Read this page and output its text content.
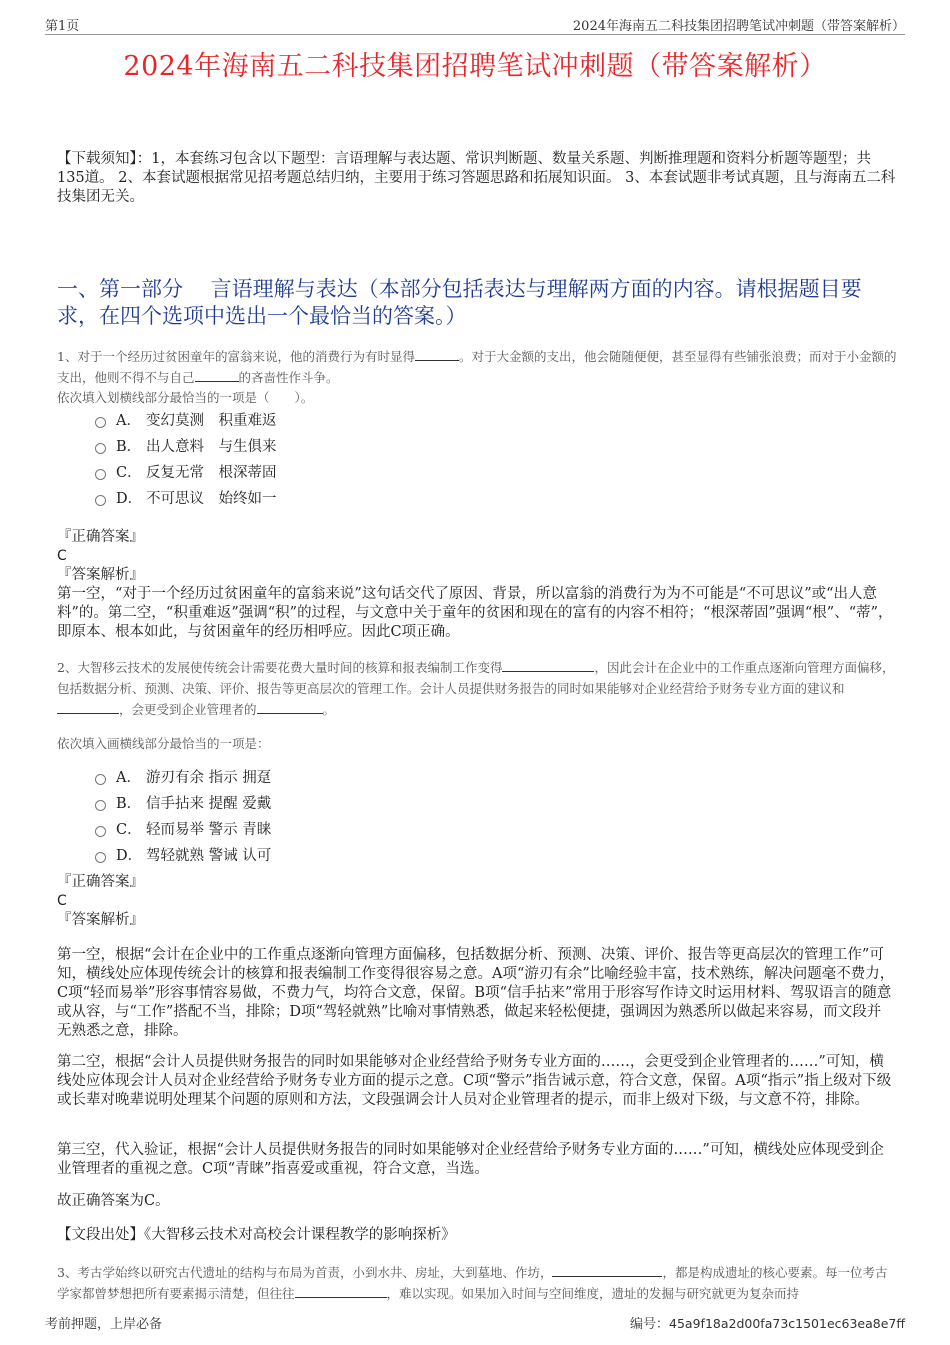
第1页	2024年海南五二科技集团招聘笔试冲刺题（带答案解析）
2024年海南五二科技集团招聘笔试冲刺题（带答案解析）
【下载须知】：1，本套练习包含以下题型：言语理解与表达题、常识判断题、数量关系题、判断推理题和资料分析题等题型；共135道。 2、本套试题根据常见招考题总结归纳，主要用于练习答题思路和拓展知识面。 3、本套试题非考试真题，且与海南五二科技集团无关。
一、第一部分　 言语理解与表达（本部分包括表达与理解两方面的内容。请根据题目要求，在四个选项中选出一个最恰当的答案。）
1、对于一个经历过贫困童年的富翁来说，他的消费行为有时显得	。对于大金额的支出，他会随随便便，甚至显得有些铺张浪费；而对于小金额的支出，他则不得不与自己	的吝啬性作斗争。
依次填入划横线部分最恰当的一项是（　　）。
A． 变幻莫测　积重难返
B． 出人意料　与生俱来
C． 反复无常　根深蒂固
D． 不可思议　始终如一
『正确答案』
C
『答案解析』
第一空，“对于一个经历过贫困童年的富翁来说”这句话交代了原因、背景，所以富翁的消费行为为不可能是“不可思议”或“出人意料”的。第二空，“积重难返”强调“积”的过程，与文意中关于童年的贫困和现在的富有的内容不相符；“根深蒂固”强调“根”、“蒂”，即原本、根本如此，与贫困童年的经历相呼应。因此C项正确。
2、大智移云技术的发展使传统会计需要花费大量时间的核算和报表编制工作变得	，因此会计在企业中的工作重点逐渐向管理方面偏移，包括数据分析、预测、决策、评价、报告等更高层次的管理工作。会计人员提供财务报告的同时如果能够对企业经营给予财务专业方面的建议和，会更受到企业管理者的	。
依次填入画横线部分最恰当的一项是：
A． 游刃有余 指示 拥趸
B． 信手拈来 提醒 爱戴
C． 轻而易举 警示 青睐
D． 驾轻就熟 警诫 认可
『正确答案』
C
『答案解析』
第一空，根据“会计在企业中的工作重点逐渐向管理方面偏移，包括数据分析、预测、决策、评价、报告等更高层次的管理工作”可知，横线处应体现传统会计的核算和报表编制工作变得很容易之意。A项“游刃有余”比喻经验丰富，技术熟练，解决问题毫不费力，C项“轻而易举”形容事情容易做，不费力气，均符合文意，保留。B项“信手拈来”常用于形容写作诗文时运用材料、驾驭语言的随意或从容，与“工作”搭配不当，排除；D项“驾轻就熟”比喻对事情熟悉，做起来轻松便捷，强调因为熟悉所以做起来容易，而文段并无熟悉之意，排除。
第二空，根据“会计人员提供财务报告的同时如果能够对企业经营给予财务专业方面的……，会更受到企业管理者的……”可知，横线处应体现会计人员对企业经营给予财务专业方面的提示之意。C项“警示”指告诫示意，符合文意，保留。A项“指示”指上级对下级或长辈对晚辈说明处理某个问题的原则和方法，文段强调会计人员对企业管理者的提示，而非上级对下级，与文意不符，排除。
第三空，代入验证，根据“会计人员提供财务报告的同时如果能够对企业经营给予财务专业方面的……”可知，横线处应体现受到企业管理者的重视之意。C项“青睐”指喜爱或重视，符合文意，当选。
故正确答案为C。
【文段出处】《大智移云技术对高校会计课程教学的影响探析》
3、考古学始终以研究古代遗址的结构与布局为首责，小到水井、房址，大到墓地、作坊，	，都是构成遗址的核心要素。每一位考古学家都曾梦想把所有要素揭示清楚，但往往	，难以实现。如果加入时间与空间维度，遗址的发掘与研究就更为复杂而持
考前押题，上岸必备	编号：45a9f18a2d00fa73c1501ec63ea8e7ff
